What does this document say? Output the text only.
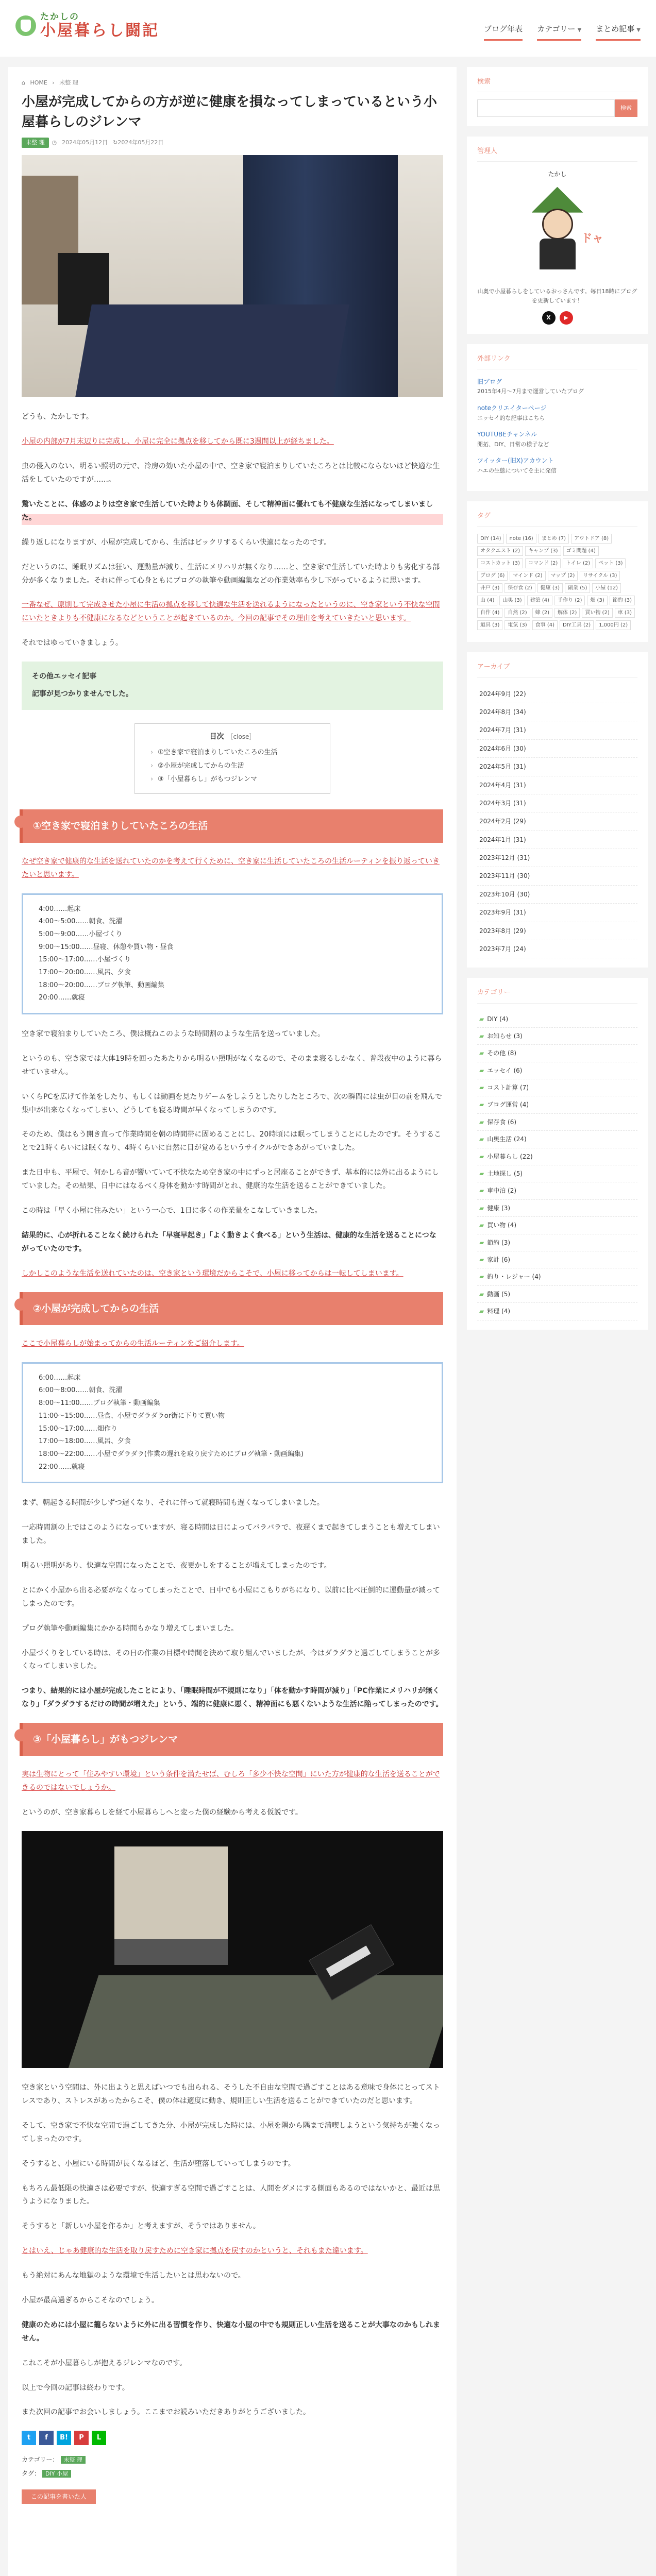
たかしの
小屋暮らし闘記	ブログ年表 カテゴリー ▼ まとめ記事 ▼
⌂ HOME › 未整 理
小屋が完成してからの方が逆に健康を損なってしまっているという小屋暮らしのジレンマ
未整 理	◷ 2024年05月12日 ↻ 2024年05月22日

どうも、たかしです。

小屋の内部が7月末辺りに完成し、小屋に完全に拠点を移してから既に3週間以上が経ちました。

虫の侵入のない、明るい照明の元で、冷房の効いた小屋の中で、空き家で寝泊まりしていたころとは比較にならないほど快適な生活をしていたのですが……。

驚いたことに、体感のよりは空き家で生活していた時よりも体調面、そして精神面に優れても不健康な生活になってしまいました。

繰り返しになりますが、小屋が完成してから、生活はビックリするくらい快適になったのです。

だというのに、睡眠リズムは狂い、運動量が減り、生活にメリハリが無くなり……と、空き家で生活していた時よりも劣化する部分が多くなりました。それに伴って心身ともにブログの執筆や動画編集などの作業効率も少し下がっているように思います。

一番なぜ、原則して完成させた小屋に生活の拠点を移して快適な生活を送れるようになったというのに、空き家という不快な空間にいたときよりも不健康になるなどということが起きているのか。今回の記事でその理由を考えていきたいと思います。

それではゆっていきましょう。

その他エッセイ記事

記事が見つかりませんでした。

目次 ［close］
› ①空き家で寝泊まりしていたころの生活
› ②小屋が完成してからの生活
› ③「小屋暮らし」がもつジレンマ
①空き家で寝泊まりしていたころの生活

なぜ空き家で健康的な生活を送れていたのかを考えて行くために、空き家に生活していたころの生活ルーティンを振り返っていきたいと思います。

4:00……起床
4:00〜5:00……朝食、洗濯
5:00〜9:00……小屋づくり
9:00〜15:00……昼寝、休憩や買い物・昼食
15:00〜17:00……小屋づくり
17:00〜20:00……風呂、夕食
18:00〜20:00……ブログ執筆、動画編集
20:00……就寝

空き家で寝泊まりしていたころ、僕は概ねこのような時間割のような生活を送っていました。

というのも、空き家では大体19時を回ったあたりから明るい照明がなくなるので、そのまま寝るしかなく、普段夜中のように暮らせていません。

いくらPCを広げて作業をしたり、もしくは動画を見たりゲームをしようとしたりしたところで、次の瞬間には虫が目の前を飛んで集中が出来なくなってしまい、どうしても寝る時間が早くなってしまうのです。

そのため、僕はもう開き直って作業時間を朝の時間帯に固めることにし、20時頃には眠ってしまうことにしたのです。そうすることで21時くらいには眠くなり、4時くらいに自然に目が覚めるというサイクルができあがっていました。

また日中も、平屋で、何かしら音が響いていて不快なため空き家の中にずっと居座ることができず、基本的には外に出るようにしていました。その結果、日中にはなるべく身体を動かす時間がとれ、健康的な生活を送ることができていました。

この時は「早く小屋に住みたい」という一心で、1日に多くの作業量をこなしていきました。

結果的に、心が折れることなく続けられた「早寝早起き」「よく動きよく食べる」という生活は、健康的な生活を送ることにつながっていたのです。

しかしこのような生活を送れていたのは、空き家という環境だからこそで、小屋に移ってからは一転してしまいます。

②小屋が完成してからの生活

ここで小屋暮らしが始まってからの生活ルーティンをご紹介します。

6:00……起床
6:00〜8:00……朝食、洗濯
8:00〜11:00……ブログ執筆・動画編集
11:00〜15:00……昼食、小屋でダラダラor街に下りて買い物
15:00〜17:00……畑作り
17:00〜18:00……風呂、夕食
18:00〜22:00……小屋でダラダラ(作業の遅れを取り戻すためにブログ執筆・動画編集)
22:00……就寝

まず、朝起きる時間が少しずつ遅くなり、それに伴って就寝時間も遅くなってしまいました。

一応時間割の上ではこのようになっていますが、寝る時間は日によってバラバラで、夜遅くまで起きてしまうことも増えてしまいました。

明るい照明があり、快適な空間になったことで、夜更かしをすることが増えてしまったのです。

とにかく小屋から出る必要がなくなってしまったことで、日中でも小屋にこもりがちになり、以前に比べ圧倒的に運動量が減ってしまったのです。

プログ執筆や動画編集にかかる時間もかなり増えてしまいました。

小屋づくりをしている時は、その日の作業の目標や時間を決めて取り組んでいましたが、今はダラダラと過ごしてしまうことが多くなってしまいました。

つまり、結果的には小屋が完成したことにより、「睡眠時間が不規則になり」「体を動かす時間が減り」「PC作業にメリハリが無くなり」「ダラダラするだけの時間が増えた」という、端的に健康に悪く、精神面にも悪くないような生活に陥ってしまったのです。

③「小屋暮らし」がもつジレンマ

実は生物にとって「住みやすい環境」という条件を満たせば、むしろ「多少不快な空間」にいた方が健康的な生活を送ることができるのではないでしょうか。

というのが、空き家暮らしを経て小屋暮らしへと変った僕の経験から考える仮説です。

空き家という空間は、外に出ようと思えばいつでも出られる、そうした不自由な空間で過ごすことはある意味で身体にとってストレスであり、ストレスがあったからこそ、僕の体は適度に動き、規則正しい生活を送ることができていたのだと思います。

そして、空き家で不快な空間で過ごしてきた分、小屋が完成した時には、小屋を隅から隅まで満喫しようという気持ちが強くなってしまったのです。

そうすると、小屋にいる時間が長くなるほど、生活が堕落していってしまうのです。

もちろん最低限の快適さは必要ですが、快適すぎる空間で過ごすことは、人間をダメにする側面もあるのではないかと、最近は思うようになりました。

そうすると「新しい小屋を作るか」と考えますが、そうではありません。

とはいえ、じゃあ健康的な生活を取り戻すために空き家に拠点を戻すのかというと、それもまた違います。

もう絶対にあんな地獄のような環境で生活したいとは思わないので。

小屋が最高過ぎるからこそなのでしょう。

健康のためには小屋に籠らないように外に出る習慣を作り、快適な小屋の中でも規則正しい生活を送ることが大事なのかもしれません。

これこそが小屋暮らしが抱えるジレンマなのです。

以上で今回の記事は終わりです。

また次回の記事でお会いしましょう。ここまでお読みいただきありがとうございました。

t	f	B!	P	L
カテゴリー： 未整 理
タグ： DIY 小屋
この記事を書いた人
検索
検索
管理人
たかし
ドャ
山奥で小屋暮らしをしているおっさんです。毎日18時にブログを更新しています！
X	▶
外部リンク
旧ブログ
2015年4月〜7月まで運営していたブログ
noteクリエイターページ
エッセイ的な記事はこちら
YOUTUBEチャンネル
開拓、DIY、日常の様子など
ツイッター(旧X)アカウント
ハエの生態についてを主に発信
タグ
DIY (14)	note (16)	まとめ (7)	アウトドア (8)
オタクエスト (2)	キャンプ (3)	ゴミ問題 (4)
コストカット (3)	コマンド (2)	トイレ (2)	ペット (3)
ブログ (6)	マインド (2)	マップ (2)	リサイクル (3)
井戸 (3)	保存食 (2)	健康 (3)	副業 (5)	小屋 (12)
山 (4)	山奥 (3)	建築 (4)	手作り (2)	畑 (3)	節約 (3)
自作 (4)	自然 (2)	蜂 (2)	解体 (2)	買い物 (2)	車 (3)
道具 (3)	電気 (3)	食事 (4)	DIY工具 (2)	1,000円 (2)
アーカイブ
2024年9月 (22)
2024年8月 (34)
2024年7月 (31)
2024年6月 (30)
2024年5月 (31)
2024年4月 (31)
2024年3月 (31)
2024年2月 (29)
2024年1月 (31)
2023年12月 (31)
2023年11月 (30)
2023年10月 (30)
2023年9月 (31)
2023年8月 (29)
2023年7月 (24)
カテゴリー
▰ DIY (4)
▰ お知らせ (3)
▰ その他 (8)
▰ エッセイ (6)
▰ コスト計算 (7)
▰ ブログ運営 (4)
▰ 保存食 (6)
▰ 山奥生活 (24)
▰ 小屋暮らし (22)
▰ 土地探し (5)
▰ 車中泊 (2)
▰ 健康 (3)
▰ 買い物 (4)
▰ 節約 (3)
▰ 家計 (6)
▰ 釣り・レジャー (4)
▰ 動画 (5)
▰ 料理 (4)
